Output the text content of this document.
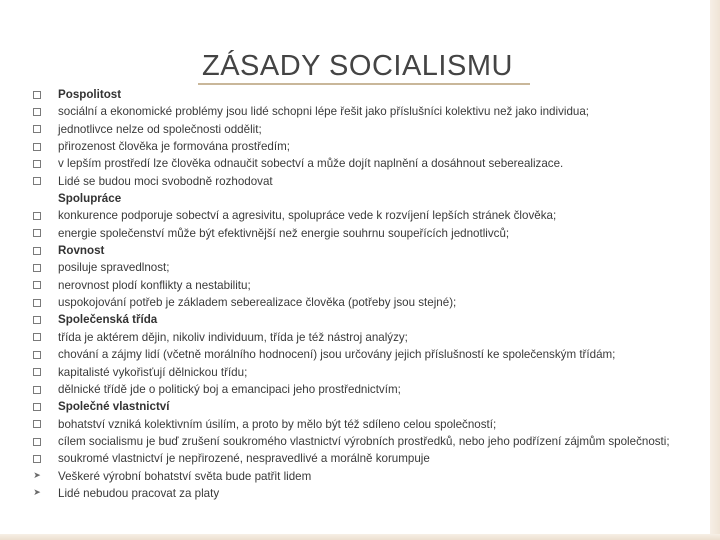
ZÁSADY SOCIALISMU
Pospolitost
sociální a ekonomické problémy jsou lidé schopni lépe řešit jako příslušníci kolektivu než jako individua;
jednotlivce nelze od společnosti oddělit;
přirozenost člověka je formována prostředím;
v lepším prostředí lze člověka odnaučit sobectví a může dojít naplnění a dosáhnout seberealizace.
Lidé se budou moci svobodně rozhodovat
Spolupráce
konkurence podporuje sobectví a agresivitu, spolupráce vede k rozvíjení lepších stránek člověka;
energie společenství může být efektivnější než energie souhrnu soupeřících jednotlivců;
Rovnost
posiluje spravedlnost;
nerovnost plodí konflikty a nestabilitu;
uspokojování potřeb je základem seberealizace člověka (potřeby jsou stejné);
Společenská třída
třída je aktérem dějin, nikoliv individuum, třída je též nástroj analýzy;
chování a zájmy lidí (včetně morálního hodnocení) jsou určovány jejich příslušností ke společenským třídám;
kapitalisté vykořisťují dělnickou třídu;
dělnické třídě jde o politický boj a emancipaci jeho prostřednictvím;
Společné vlastnictví
bohatství vzniká kolektivním úsilím, a proto by mělo být též sdíleno celou společností;
cílem socialismu je buď zrušení soukromého vlastnictví výrobních prostředků, nebo jeho podřízení zájmům společnosti;
soukromé vlastnictví je nepřirozené, nespravedlivé a morálně korumpuje
➤ Veškeré výrobní bohatství světa bude patřit lidem
➤ Lidé nebudou pracovat za platy
